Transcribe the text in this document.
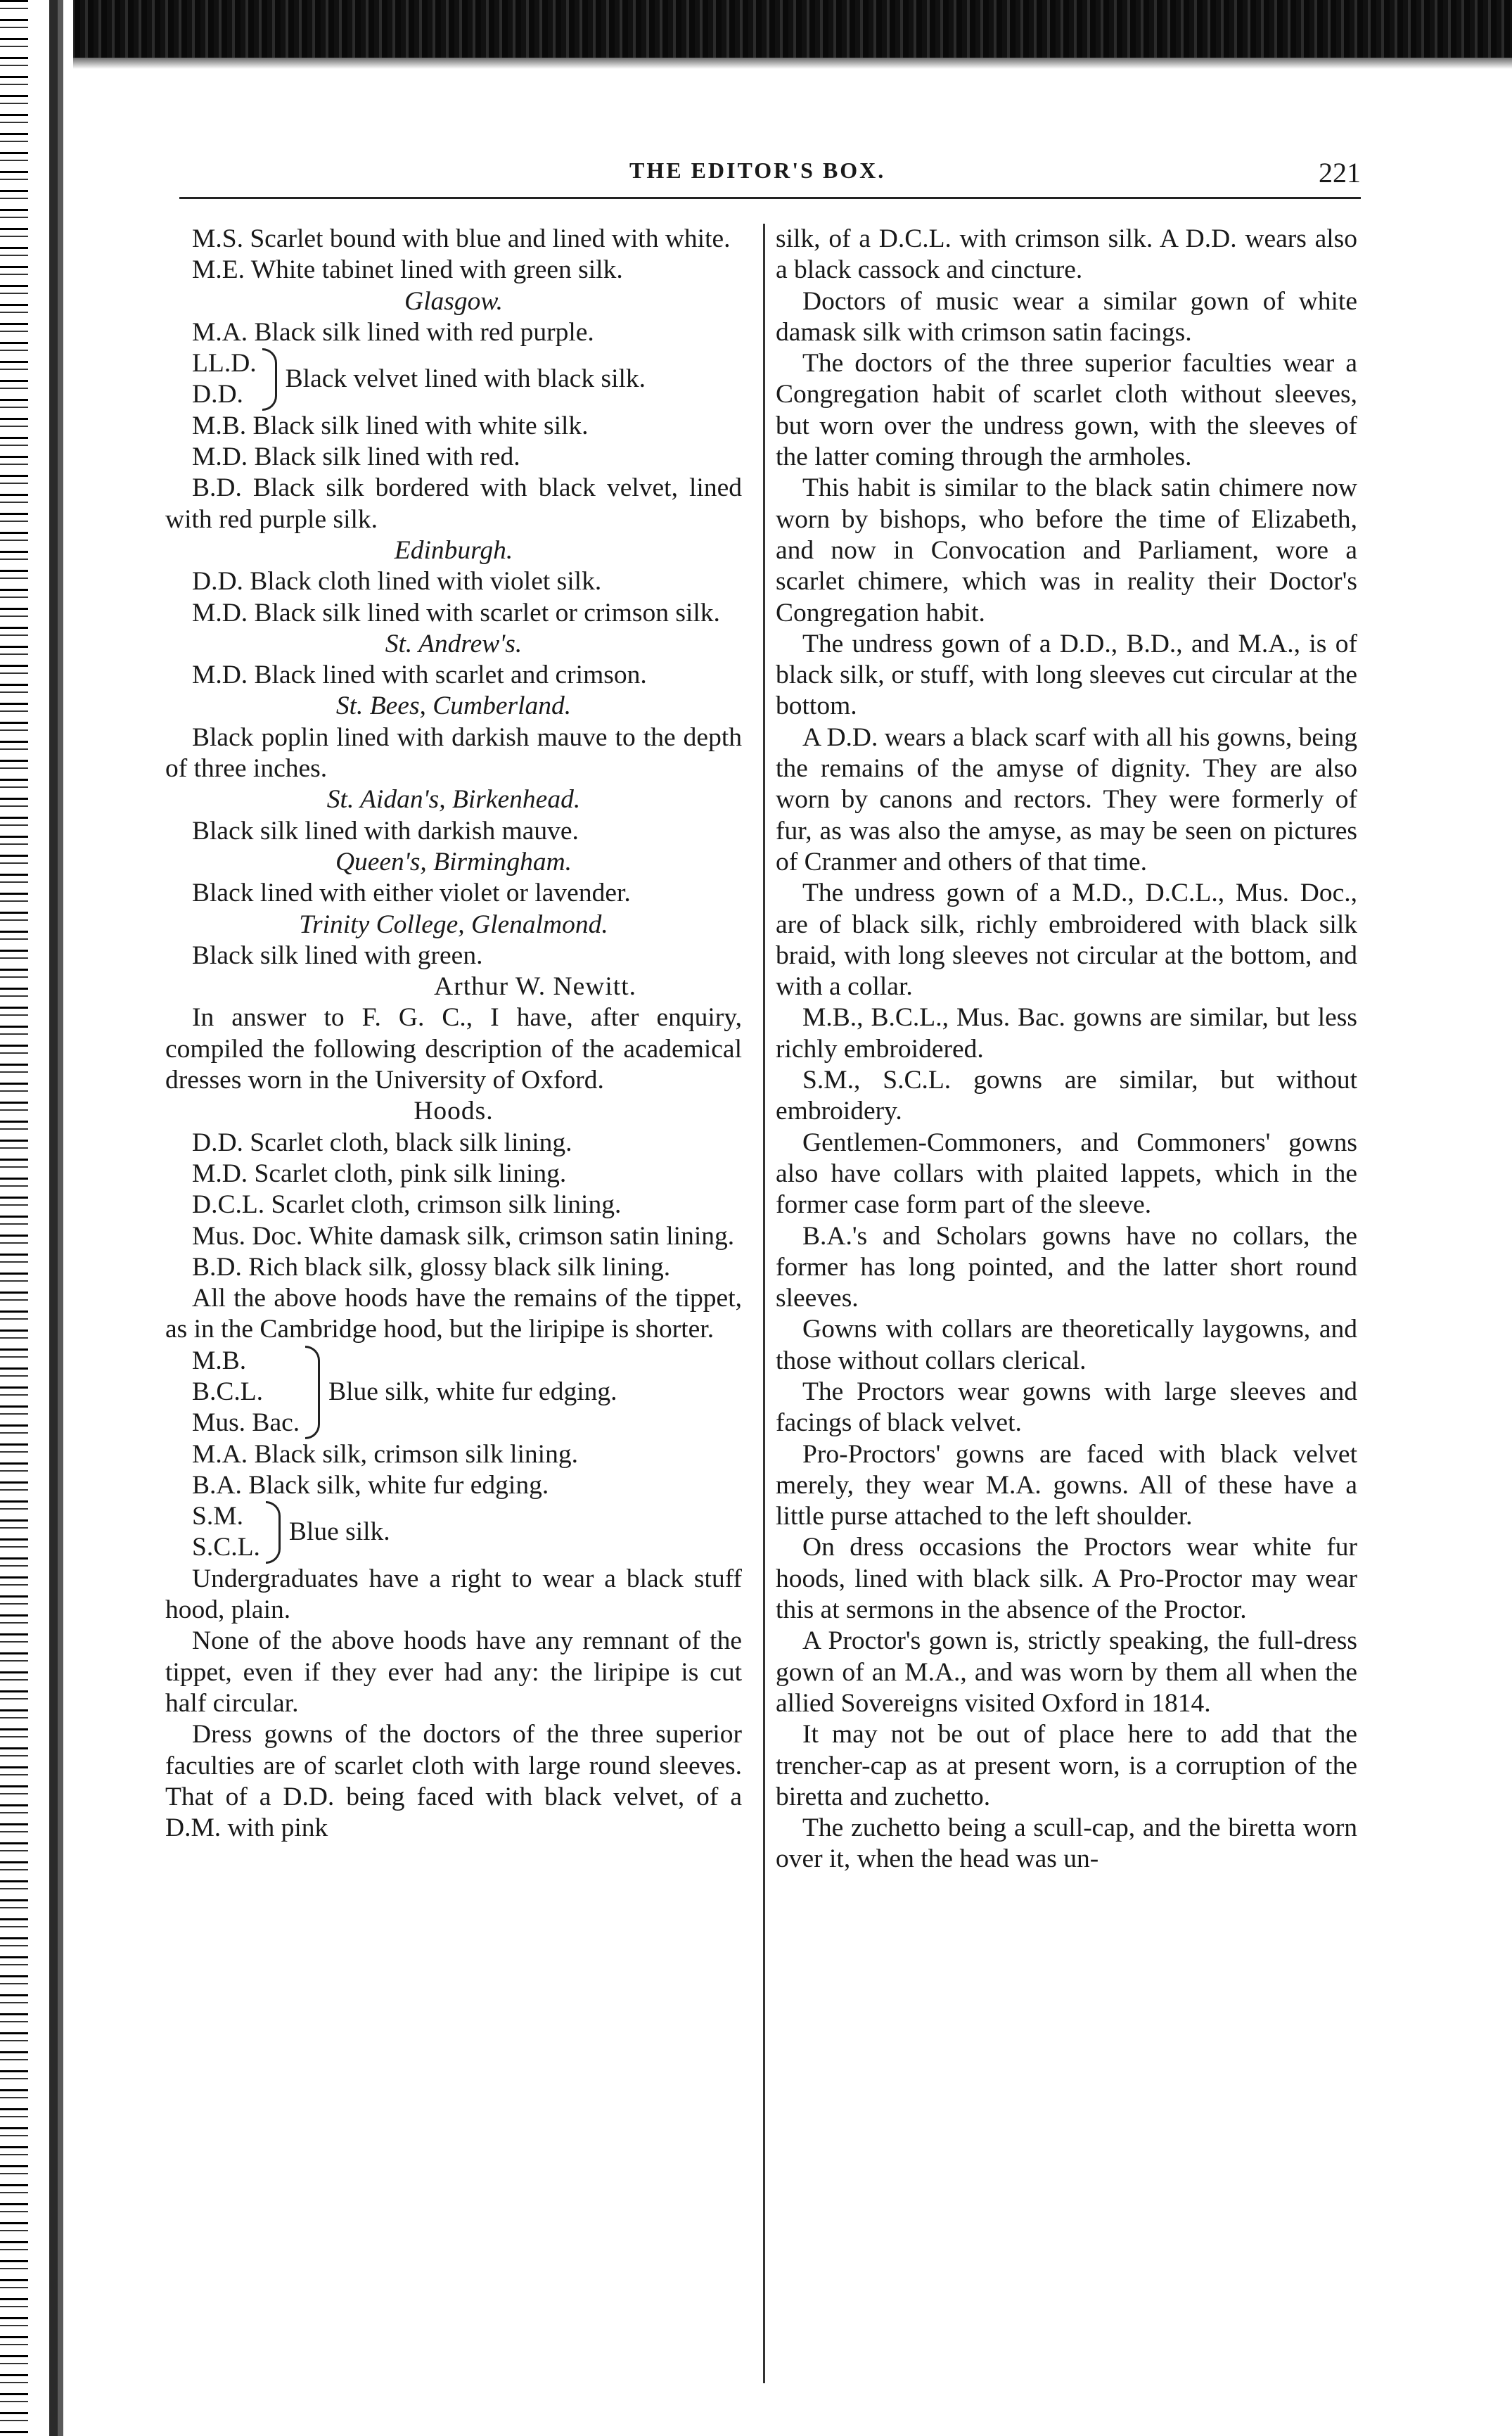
THE EDITOR'S BOX.	221

M.S. Scarlet bound with blue and lined with white.

M.E. White tabinet lined with green silk.

Glasgow.

M.A. Black silk lined with red purple.

LL.D.
D.D.
Black velvet lined with black silk.

M.B. Black silk lined with white silk.

M.D. Black silk lined with red.

B.D. Black silk bordered with black velvet, lined with red purple silk.

Edinburgh.

D.D. Black cloth lined with violet silk.

M.D. Black silk lined with scarlet or crimson silk.

St. Andrew's.

M.D. Black lined with scarlet and crimson.

St. Bees, Cumberland.

Black poplin lined with darkish mauve to the depth of three inches.

St. Aidan's, Birkenhead.

Black silk lined with darkish mauve.

Queen's, Birmingham.

Black lined with either violet or lavender.

Trinity College, Glenalmond.

Black silk lined with green.

Arthur W. Newitt.

In answer to F. G. C., I have, after enquiry, compiled the following description of the academical dresses worn in the University of Oxford.

Hoods.

D.D. Scarlet cloth, black silk lining.

M.D. Scarlet cloth, pink silk lining.

D.C.L. Scarlet cloth, crimson silk lining.

Mus. Doc. White damask silk, crimson satin lining.

B.D. Rich black silk, glossy black silk lining.

All the above hoods have the remains of the tippet, as in the Cambridge hood, but the liripipe is shorter.

M.B.
B.C.L.
Mus. Bac.
Blue silk, white fur edging.

M.A. Black silk, crimson silk lining.

B.A. Black silk, white fur edging.

S.M.
S.C.L.
Blue silk.

Undergraduates have a right to wear a black stuff hood, plain.

None of the above hoods have any remnant of the tippet, even if they ever had any: the liripipe is cut half circular.

Dress gowns of the doctors of the three superior faculties are of scarlet cloth with large round sleeves. That of a D.D. being faced with black velvet, of a D.M. with pink

silk, of a D.C.L. with crimson silk. A D.D. wears also a black cassock and cincture.

Doctors of music wear a similar gown of white damask silk with crimson satin facings.

The doctors of the three superior faculties wear a Congregation habit of scarlet cloth without sleeves, but worn over the undress gown, with the sleeves of the latter coming through the armholes.

This habit is similar to the black satin chimere now worn by bishops, who before the time of Elizabeth, and now in Convocation and Parliament, wore a scarlet chimere, which was in reality their Doctor's Congregation habit.

The undress gown of a D.D., B.D., and M.A., is of black silk, or stuff, with long sleeves cut circular at the bottom.

A D.D. wears a black scarf with all his gowns, being the remains of the amyse of dignity. They are also worn by canons and rectors. They were formerly of fur, as was also the amyse, as may be seen on pictures of Cranmer and others of that time.

The undress gown of a M.D., D.C.L., Mus. Doc., are of black silk, richly embroidered with black silk braid, with long sleeves not circular at the bottom, and with a collar.

M.B., B.C.L., Mus. Bac. gowns are similar, but less richly embroidered.

S.M., S.C.L. gowns are similar, but without embroidery.

Gentlemen-Commoners, and Commoners' gowns also have collars with plaited lappets, which in the former case form part of the sleeve.

B.A.'s and Scholars gowns have no collars, the former has long pointed, and the latter short round sleeves.

Gowns with collars are theoretically laygowns, and those without collars clerical.

The Proctors wear gowns with large sleeves and facings of black velvet.

Pro-Proctors' gowns are faced with black velvet merely, they wear M.A. gowns. All of these have a little purse attached to the left shoulder.

On dress occasions the Proctors wear white fur hoods, lined with black silk. A Pro-Proctor may wear this at sermons in the absence of the Proctor.

A Proctor's gown is, strictly speaking, the full-dress gown of an M.A., and was worn by them all when the allied Sovereigns visited Oxford in 1814.

It may not be out of place here to add that the trencher-cap as at present worn, is a corruption of the biretta and zuchetto.

The zuchetto being a scull-cap, and the biretta worn over it, when the head was un-
